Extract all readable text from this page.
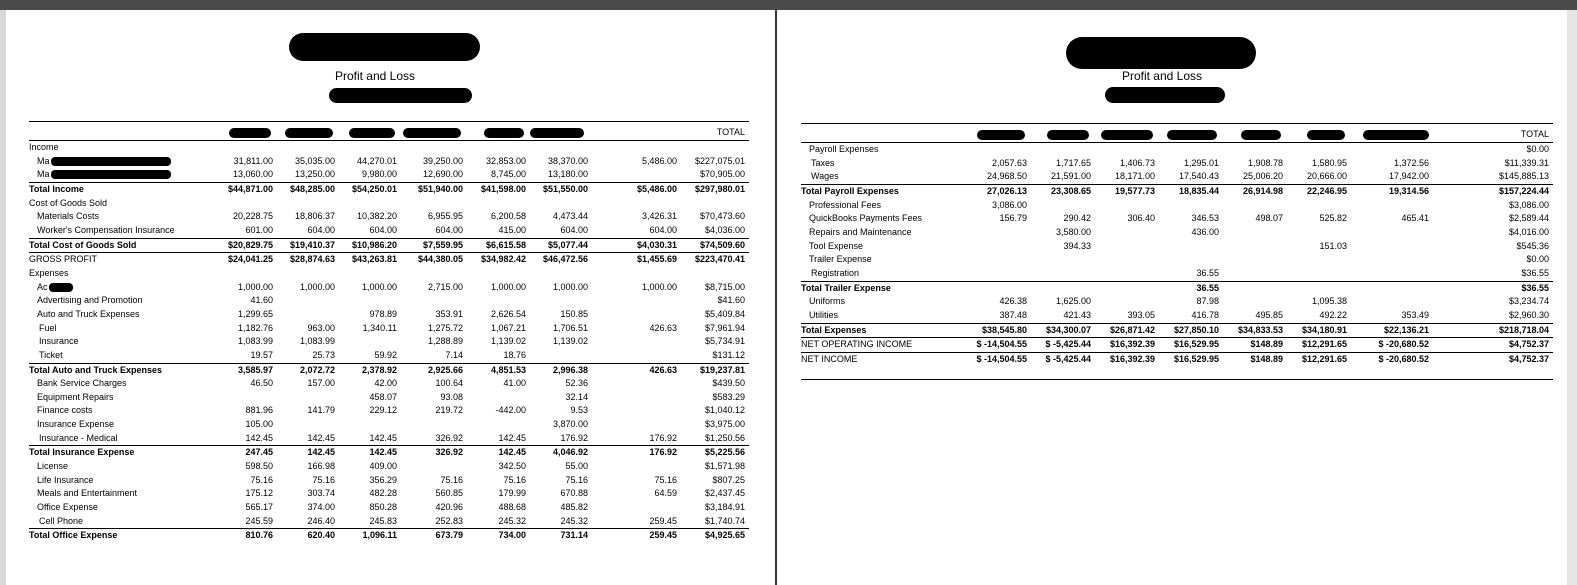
Profit and Loss
								TOTAL
Income								
Ma	31,811.00	35,035.00	44,270.01	39,250.00	32,853.00	38,370.00	5,486.00	$227,075.01
Ma	13,060.00	13,250.00	9,980.00	12,690.00	8,745.00	13,180.00		$70,905.00
Total Income	$44,871.00	$48,285.00	$54,250.01	$51,940.00	$41,598.00	$51,550.00	$5,486.00	$297,980.01
Cost of Goods Sold								
Materials Costs	20,228.75	18,806.37	10,382.20	6,955.95	6,200.58	4,473.44	3,426.31	$70,473.60
Worker's Compensation Insurance	601.00	604.00	604.00	604.00	415.00	604.00	604.00	$4,036.00
Total Cost of Goods Sold	$20,829.75	$19,410.37	$10,986.20	$7,559.95	$6,615.58	$5,077.44	$4,030.31	$74,509.60
GROSS PROFIT	$24,041.25	$28,874.63	$43,263.81	$44,380.05	$34,982.42	$46,472.56	$1,455.69	$223,470.41
Expenses								
Ac	1,000.00	1,000.00	1,000.00	2,715.00	1,000.00	1,000.00	1,000.00	$8,715.00
Advertising and Promotion	41.60							$41.60
Auto and Truck Expenses	1,299.65		978.89	353.91	2,626.54	150.85		$5,409.84
Fuel	1,182.76	963.00	1,340.11	1,275.72	1,067.21	1,706.51	426.63	$7,961.94
Insurance	1,083.99	1,083.99		1,288.89	1,139.02	1,139.02		$5,734.91
Ticket	19.57	25.73	59.92	7.14	18.76			$131.12
Total Auto and Truck Expenses	3,585.97	2,072.72	2,378.92	2,925.66	4,851.53	2,996.38	426.63	$19,237.81
Bank Service Charges	46.50	157.00	42.00	100.64	41.00	52.36		$439.50
Equipment Repairs			458.07	93.08		32.14		$583.29
Finance costs	881.96	141.79	229.12	219.72	-442.00	9.53		$1,040.12
Insurance Expense	105.00					3,870.00		$3,975.00
Insurance - Medical	142.45	142.45	142.45	326.92	142.45	176.92	176.92	$1,250.56
Total Insurance Expense	247.45	142.45	142.45	326.92	142.45	4,046.92	176.92	$5,225.56
License	598.50	166.98	409.00		342.50	55.00		$1,571.98
Life Insurance	75.16	75.16	356.29	75.16	75.16	75.16	75.16	$807.25
Meals and Entertainment	175.12	303.74	482.28	560.85	179.99	670.88	64.59	$2,437.45
Office Expense	565.17	374.00	850.28	420.96	488.68	485.82		$3,184.91
Cell Phone	245.59	246.40	245.83	252.83	245.32	245.32	259.45	$1,740.74
Total Office Expense	810.76	620.40	1,096.11	673.79	734.00	731.14	259.45	$4,925.65
Profit and Loss
								TOTAL
Payroll Expenses								$0.00
Taxes	2,057.63	1,717.65	1,406.73	1,295.01	1,908.78	1,580.95	1,372.56	$11,339.31
Wages	24,968.50	21,591.00	18,171.00	17,540.43	25,006.20	20,666.00	17,942.00	$145,885.13
Total Payroll Expenses	27,026.13	23,308.65	19,577.73	18,835.44	26,914.98	22,246.95	19,314.56	$157,224.44
Professional Fees	3,086.00							$3,086.00
QuickBooks Payments Fees	156.79	290.42	306.40	346.53	498.07	525.82	465.41	$2,589.44
Repairs and Maintenance		3,580.00		436.00				$4,016.00
Tool Expense		394.33				151.03		$545.36
Trailer Expense								$0.00
Registration				36.55				$36.55
Total Trailer Expense				36.55				$36.55
Uniforms	426.38	1,625.00		87.98		1,095.38		$3,234.74
Utilities	387.48	421.43	393.05	416.78	495.85	492.22	353.49	$2,960.30
Total Expenses	$38,545.80	$34,300.07	$26,871.42	$27,850.10	$34,833.53	$34,180.91	$22,136.21	$218,718.04
NET OPERATING INCOME	$ -14,504.55	$ -5,425.44	$16,392.39	$16,529.95	$148.89	$12,291.65	$ -20,680.52	$4,752.37
NET INCOME	$ -14,504.55	$ -5,425.44	$16,392.39	$16,529.95	$148.89	$12,291.65	$ -20,680.52	$4,752.37
